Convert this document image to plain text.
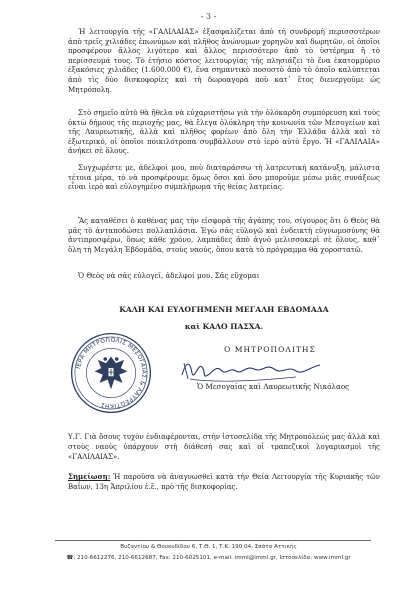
- 3 -

Ή λειτουργία τῆς «ΓΑΛΙΛΑΙΑΣ» ἐξασφαλίζεται ἀπὸ τὴ συνδρομὴ περισσοτέρων ἀπὸ τρεῖς χιλιάδες ἐπωνύμων καὶ πλῆθος ἀνώνυμων χορηγῶν καὶ δωρητῶν, οἱ ὁποῖοι προσφέρουν ἄλλος λιγότερο καὶ ἄλλος περισσότερο ἀπὸ τὸ ὑστέρημα ἢ τὸ περίσσευμά τους. Τὸ ἐτήσιο κόστος λειτουργίας τῆς πλησιάζει τὸ ἕνα ἑκατομμύριο ἑξακόσιες χιλιάδες (1.600.000 €), ἕνα σημαντικὸ ποσοστὸ ἀπὸ τὸ ὁποῖο καλύπτεται ἀπὸ τὶς δύο δισκοφορίες καὶ τὴ δωροαγορὰ ποὺ κατ᾽ ἔτος διενεργοῦμε ὡς Μητρόπολη.

Στὸ σημεῖο αὐτὸ θὰ ἤθελα νὰ εὐχαριστήσω γιὰ τὴν ὁλόκαρδη συμπόρευση καὶ τοὺς ὀκτὼ δήμους τῆς περιοχῆς μας, θὰ ἔλεγα ὁλόκληρη τὴν κοινωνία τῶν Μεσογείων καὶ τῆς Λαυρεωτικῆς, ἀλλὰ καὶ πλῆθος φορέων ἀπὸ ὅλη τὴν Ἑλλάδα ἀλλὰ καὶ τὸ ἐξωτερικό, οἱ ὁποῖοι ποικιλότροπα συμβάλλουν στὸ ἱερὸ αὐτὸ ἔργο. Ἡ «ΓΑΛΙΛΑΙΑ» ἀνήκει σὲ ὅλους.

Συγχωρέστε με, ἀδελφοί μου, ποὺ διαταράσσω τὴ λατρευτικὴ κατάνυξη, μάλιστα τέτοια μέρα, τὸ νὰ προσφέρουμε ὅμως ὅσοι καὶ ὅσο μποροῦμε μέσω μιᾶς συνάξεως εἶναι ἱερὸ καὶ εὐλογημένο συμπλήρωμα τῆς θείας λατρείας.

Ἂς καταθέσει ὁ καθένας μας τὴν εἰσφορὰ τῆς ἀγάπης του, σίγουρος ὅτι ὁ Θεὸς θὰ μᾶς τὸ ἀνταποδώσει πολλαπλάσια. Ἐγὼ σᾶς εὐλογῶ καὶ ἐνδεικτὴ εὐγνωμοσύνης θὰ ἀντιπροσφέρω, ὅπως κάθε χρόνο, λαμπάδες ἀπὸ ἁγνὸ μελισσοκερὶ σὲ ὅλους, καθ᾽ ὅλη τὴ Μεγάλη Ἑβδομάδα, στοὺς ναούς, ὅπου κατὰ τὸ πρόγραμμα θὰ χοροστατῶ.

Ὁ Θεὸς νὰ σᾶς εὐλογεῖ, ἀδελφοί μου. Σᾶς εὔχομαι

ΚΑΛΗ ΚΑΙ ΕΥΛΟΓΗΜΕΝΗ ΜΕΓΑΛΗ ΕΒΔΟΜΑΔΑ
καὶ ΚΑΛΟ ΠΑΣΧΑ.
ΙΕΡΑ ΜΗΤΡΟΠΟΛΙΣ ΜΕΣΟΓΑΙΑΣ & ΛΑΥΡΕΩΤΙΚΗΣ
Ο ΜΗΤΡΟΠΟΛΙΤΗΣ
Ὁ Μεσογαίας καὶ Λαυρεωτικῆς Νικόλαος
Υ.Γ. Γιὰ ὅσους τυχὸν ἐνδιαφέρονται, στὴν ἱστοσελίδα τῆς Μητροπόλεώς μας ἀλλὰ καὶ στοὺς ναοὺς ὑπάρχουν στὴ διάθεσή σας καὶ οἱ τραπεζικοὶ λογαριασμοὶ τῆς «ΓΑΛΙΛΑΙΑΣ».
Σημείωση: Ἡ παροῦσα νὰ ἀναγνωσθεῖ κατὰ τὴν Θεία Λειτουργία τῆς Κυριακῆς τῶν Βαΐων, 13η Ἀπριλίου ἐ.ἔ., πρὸ τῆς δισκοφορίας.
Βυζαντίου & Θουκυδίδου 6, Τ.Θ. 1, Τ.Κ. 190 04, Σπάτα Αττικής
☎: 210-6612276, 210-6612687, Fax: 210-6025101, e-mail: imml@imml.gr, Ιστοσελίδα: www.imml.gr
